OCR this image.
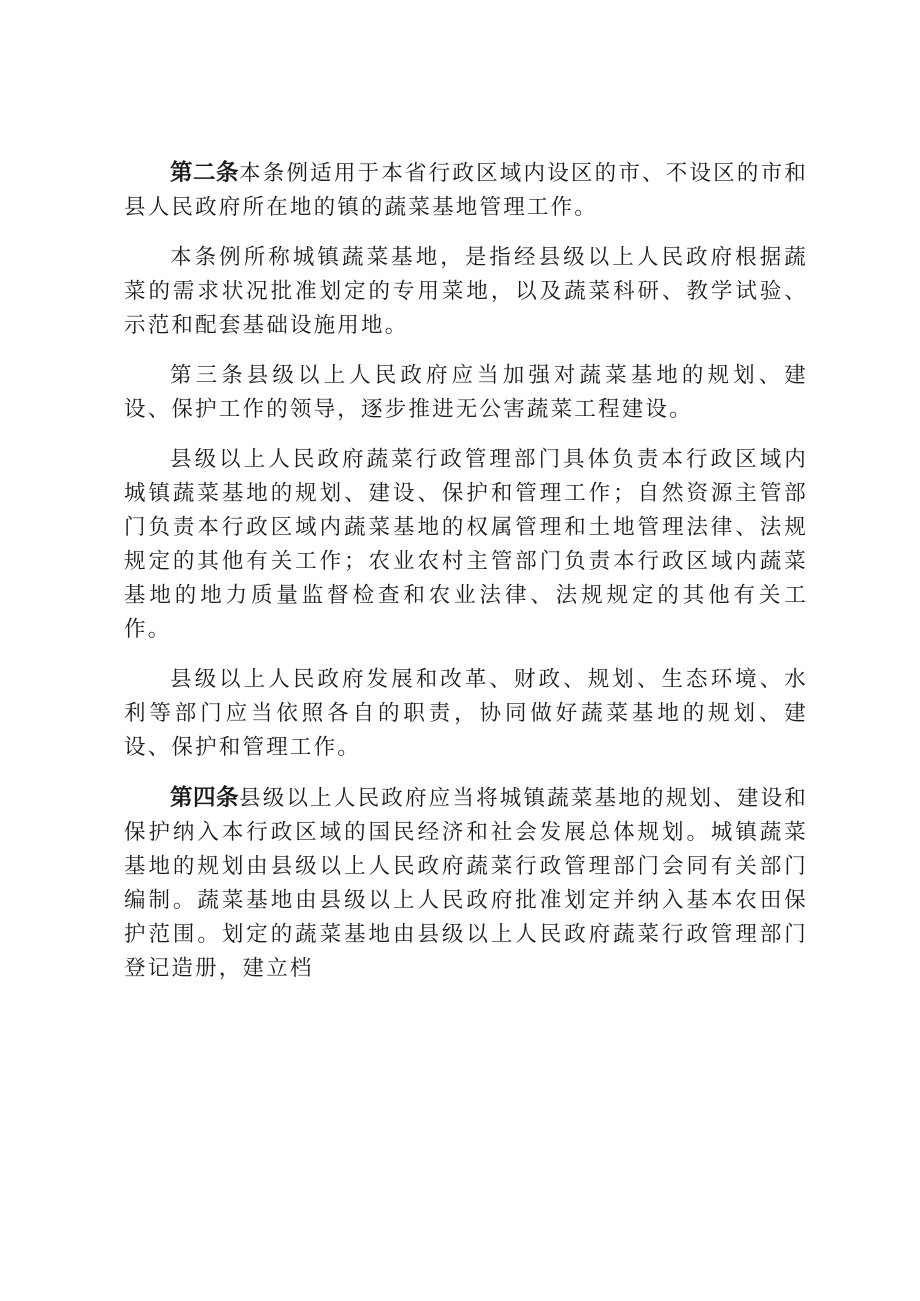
第二条本条例适用于本省行政区域内设区的市、不设区的市和县人民政府所在地的镇的蔬菜基地管理工作。

本条例所称城镇蔬菜基地，是指经县级以上人民政府根据蔬菜的需求状况批准划定的专用菜地，以及蔬菜科研、教学试验、示范和配套基础设施用地。

第三条县级以上人民政府应当加强对蔬菜基地的规划、建设、保护工作的领导，逐步推进无公害蔬菜工程建设。

县级以上人民政府蔬菜行政管理部门具体负责本行政区域内城镇蔬菜基地的规划、建设、保护和管理工作；自然资源主管部门负责本行政区域内蔬菜基地的权属管理和土地管理法律、法规规定的其他有关工作；农业农村主管部门负责本行政区域内蔬菜基地的地力质量监督检查和农业法律、法规规定的其他有关工作。

县级以上人民政府发展和改革、财政、规划、生态环境、水利等部门应当依照各自的职责，协同做好蔬菜基地的规划、建设、保护和管理工作。

第四条县级以上人民政府应当将城镇蔬菜基地的规划、建设和保护纳入本行政区域的国民经济和社会发展总体规划。城镇蔬菜基地的规划由县级以上人民政府蔬菜行政管理部门会同有关部门编制。蔬菜基地由县级以上人民政府批准划定并纳入基本农田保护范围。划定的蔬菜基地由县级以上人民政府蔬菜行政管理部门登记造册，建立档
